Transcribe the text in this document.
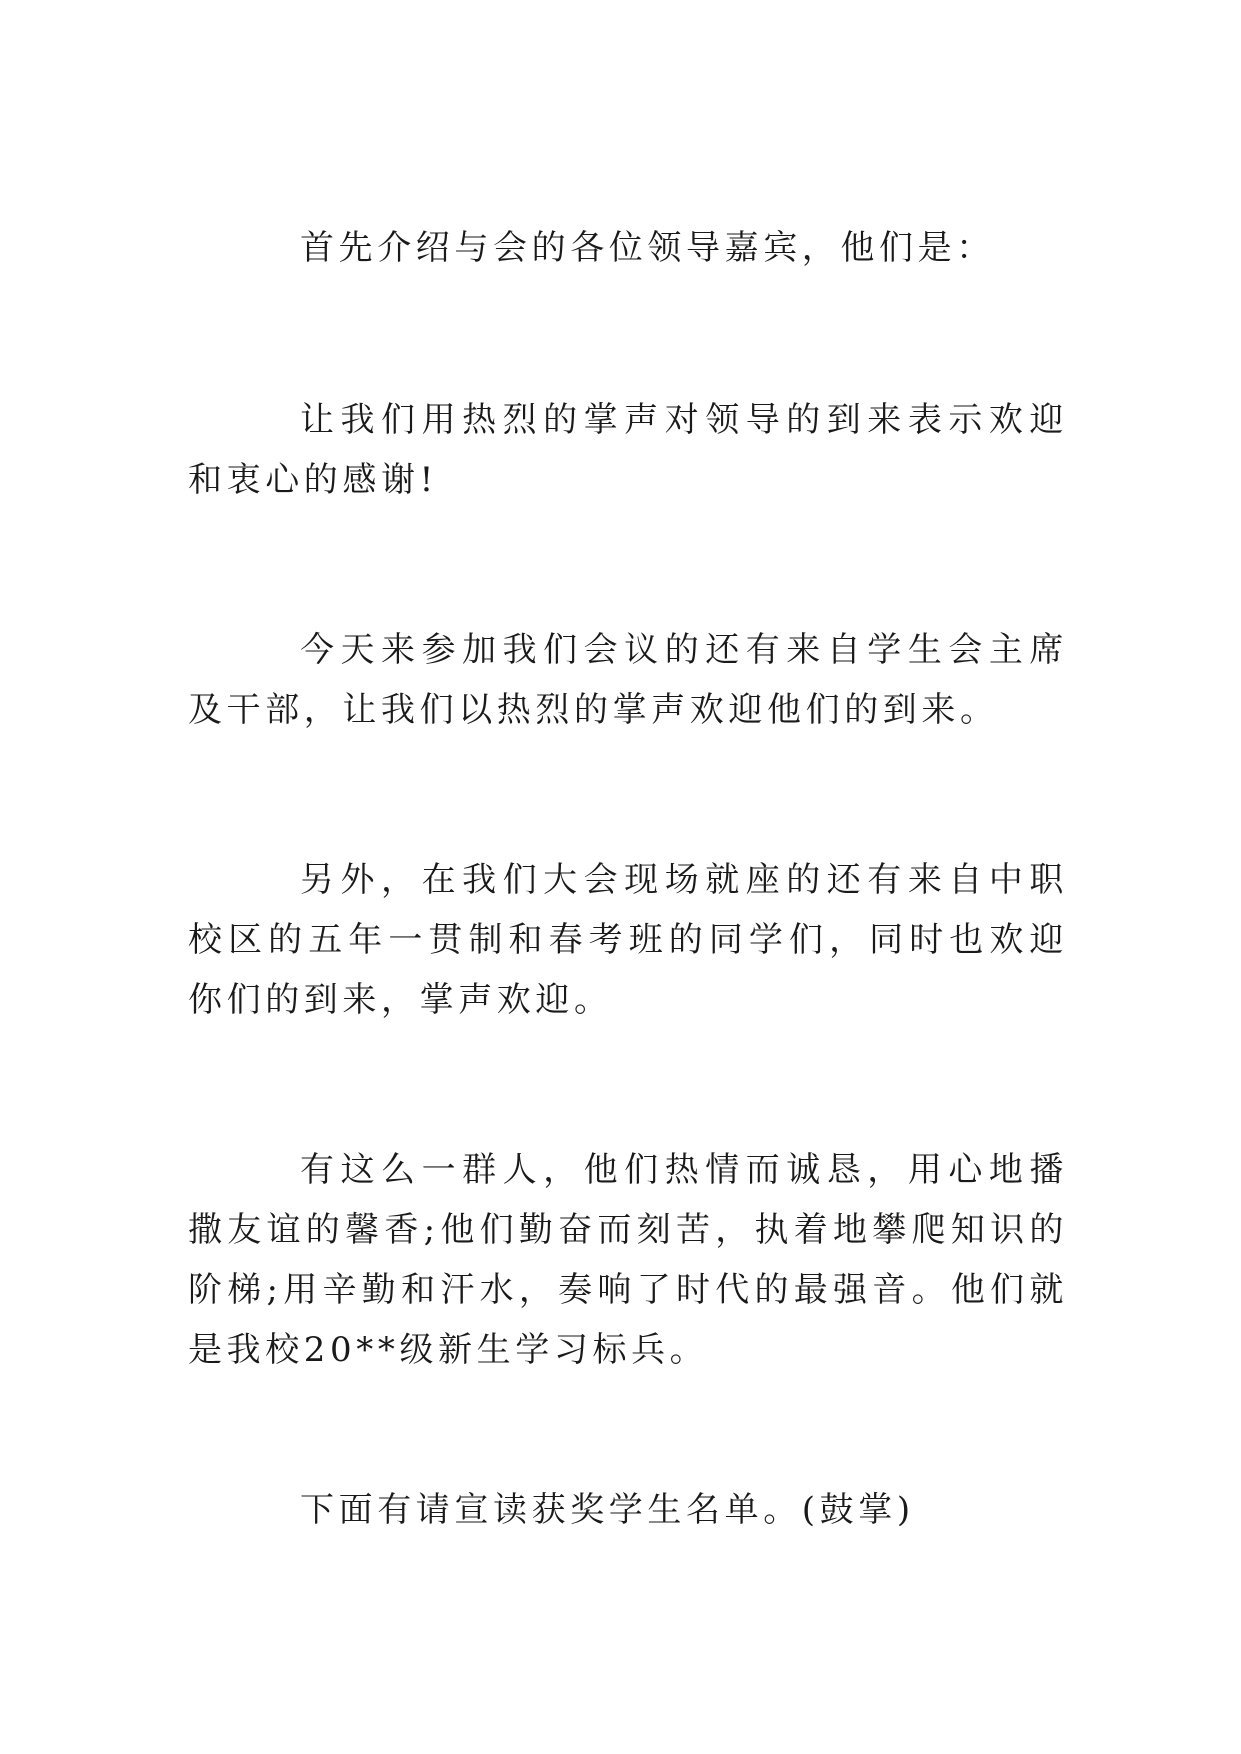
首先介绍与会的各位领导嘉宾，他们是：

让我们用热烈的掌声对领导的到来表示欢迎和衷心的感谢!

今天来参加我们会议的还有来自学生会主席及干部，让我们以热烈的掌声欢迎他们的到来。

另外，在我们大会现场就座的还有来自中职校区的五年一贯制和春考班的同学们，同时也欢迎你们的到来，掌声欢迎。

有这么一群人，他们热情而诚恳，用心地播撒友谊的馨香;他们勤奋而刻苦，执着地攀爬知识的阶梯;用辛勤和汗水，奏响了时代的最强音。他们就是我校20**级新生学习标兵。

下面有请宣读获奖学生名单。(鼓掌)
